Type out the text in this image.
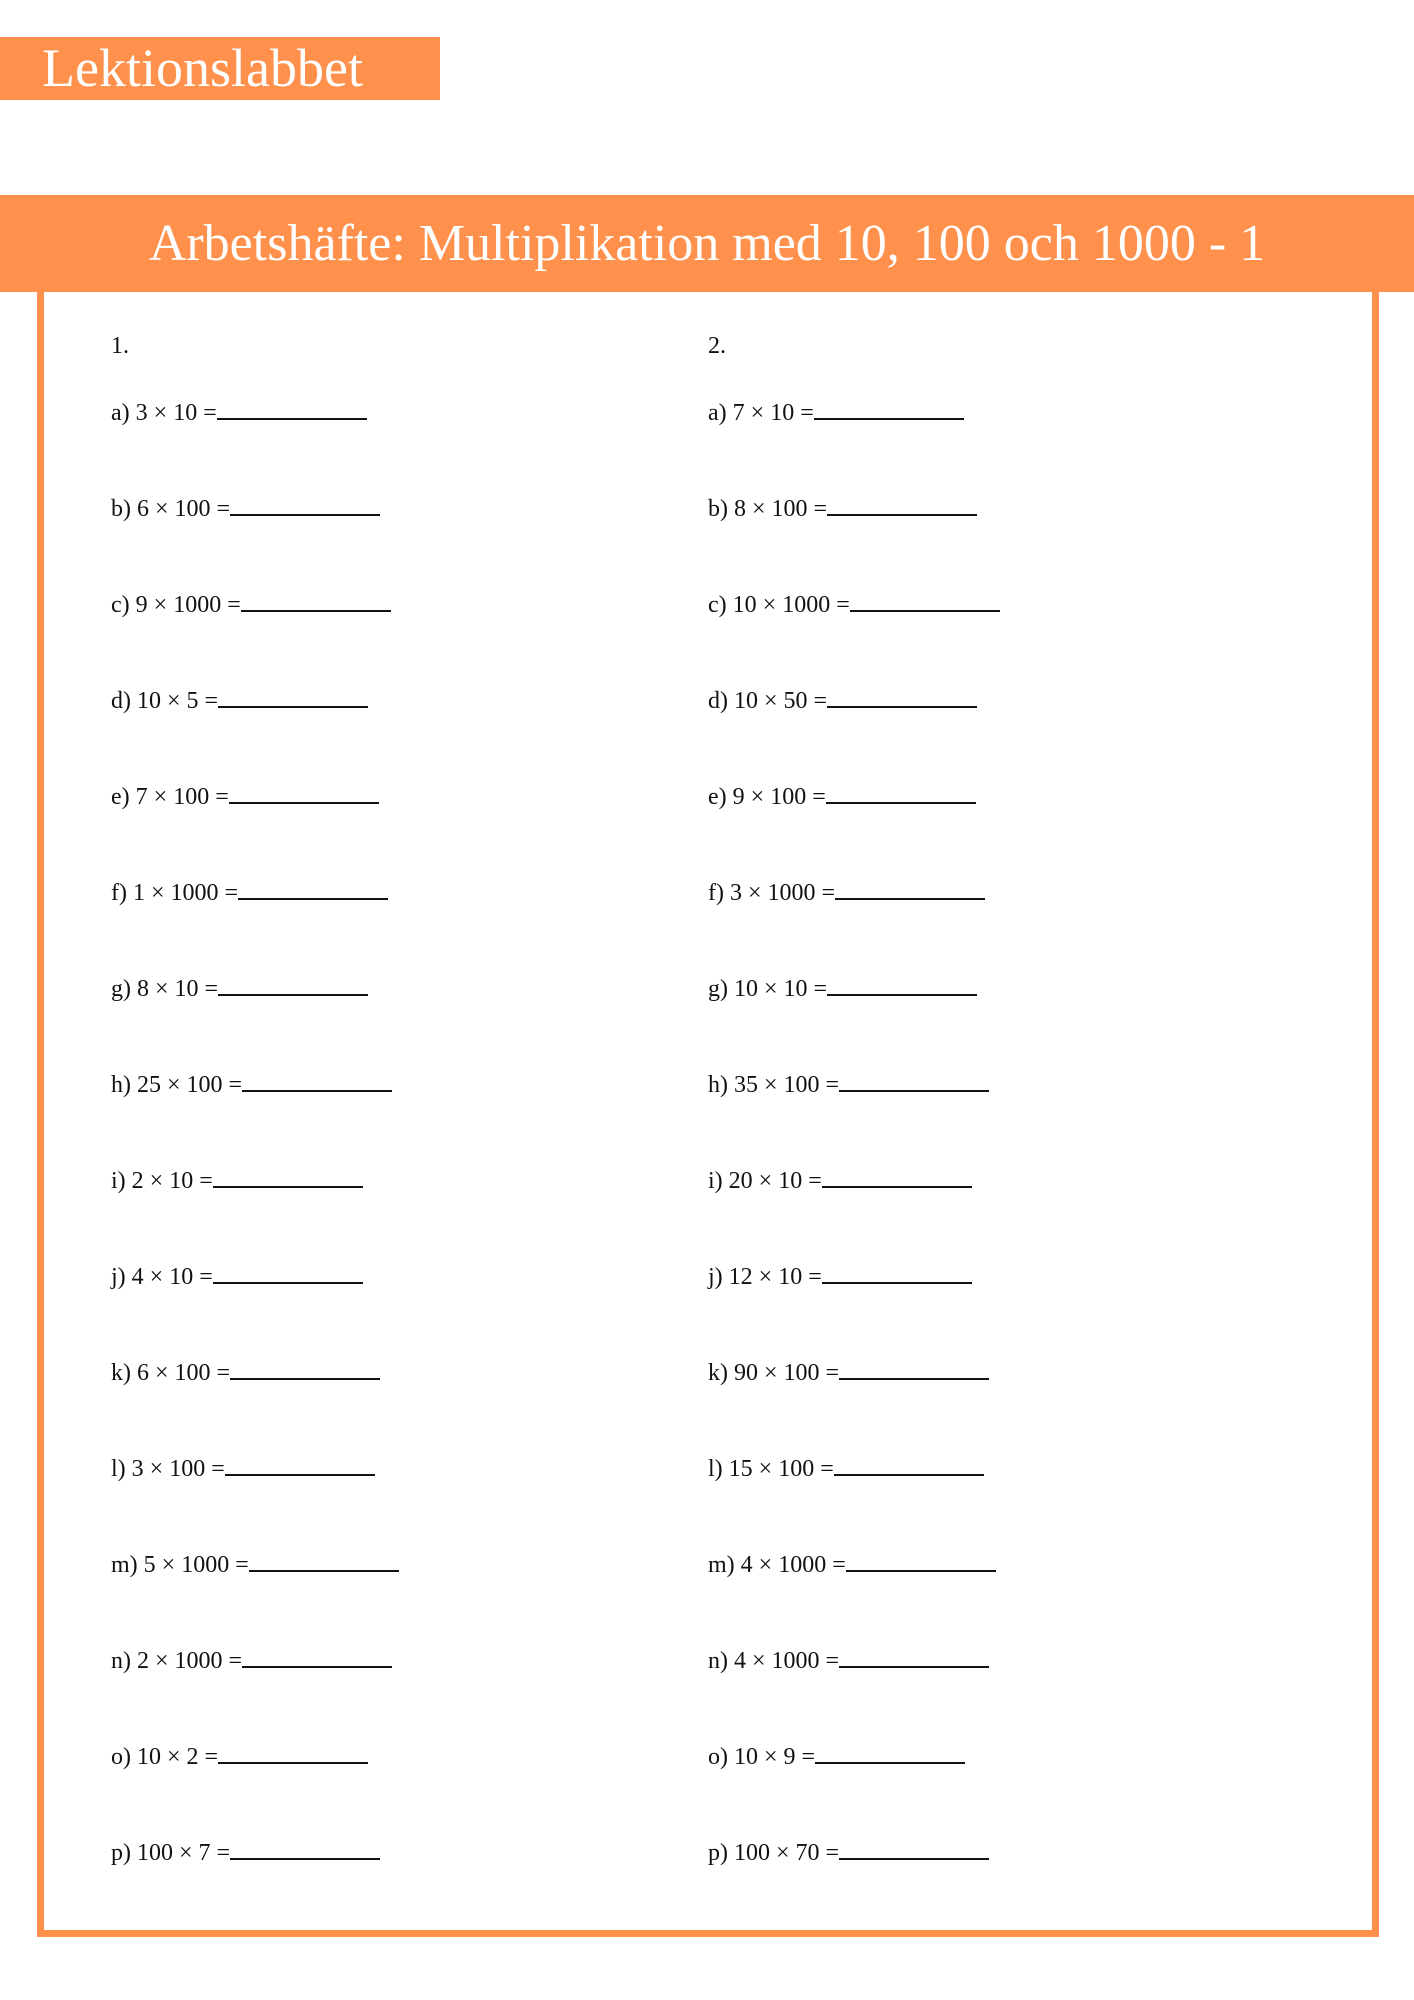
Lektionslabbet
Arbetshäfte: Multiplikation med 10, 100 och 1000 - 1
1.
a) 3 × 10 =
b) 6 × 100 =
c) 9 × 1000 =
d) 10 × 5 =
e) 7 × 100 =
f) 1 × 1000 =
g) 8 × 10 =
h) 25 × 100 =
i) 2 × 10 =
j) 4 × 10 =
k) 6 × 100 =
l) 3 × 100 =
m) 5 × 1000 =
n) 2 × 1000 =
o) 10 × 2 =
p) 100 × 7 =
2.
a) 7 × 10 =
b) 8 × 100 =
c) 10 × 1000 =
d) 10 × 50 =
e) 9 × 100 =
f) 3 × 1000 =
g) 10 × 10 =
h) 35 × 100 =
i) 20 × 10 =
j) 12 × 10 =
k) 90 × 100 =
l) 15 × 100 =
m) 4 × 1000 =
n) 4 × 1000 =
o) 10 × 9 =
p) 100 × 70 =
